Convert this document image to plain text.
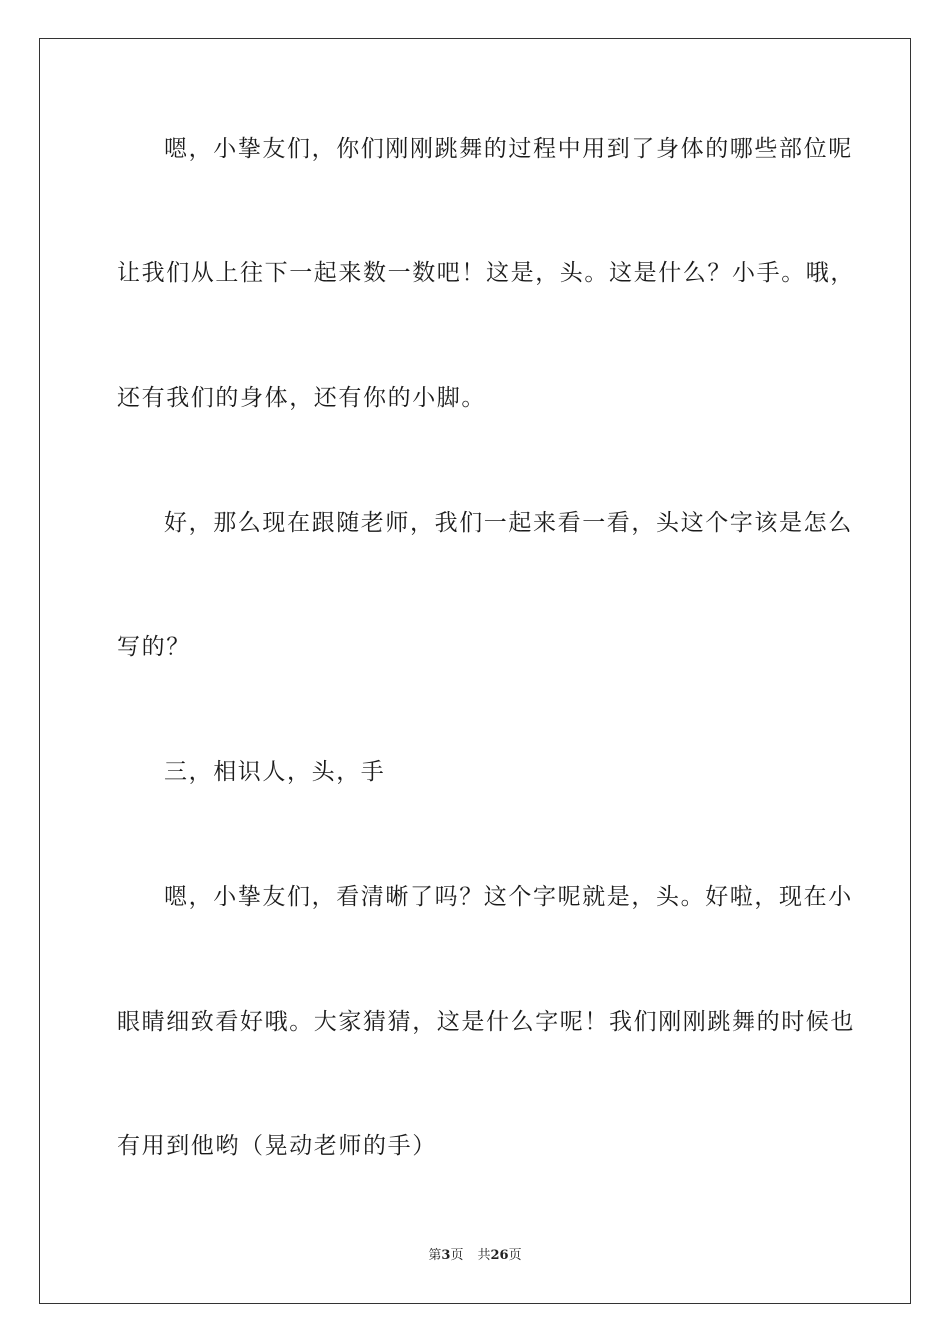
嗯，小挚友们，你们刚刚跳舞的过程中用到了身体的哪些部位呢
让我们从上往下一起来数一数吧！这是，头。这是什么？小手。哦，
还有我们的身体，还有你的小脚。
好，那么现在跟随老师，我们一起来看一看，头这个字该是怎么
写的？
三，相识人，头，手
嗯，小挚友们，看清晰了吗？这个字呢就是，头。好啦，现在小
眼睛细致看好哦。大家猜猜，这是什么字呢！我们刚刚跳舞的时候也
有用到他哟（晃动老师的手）
第3页 共26页
